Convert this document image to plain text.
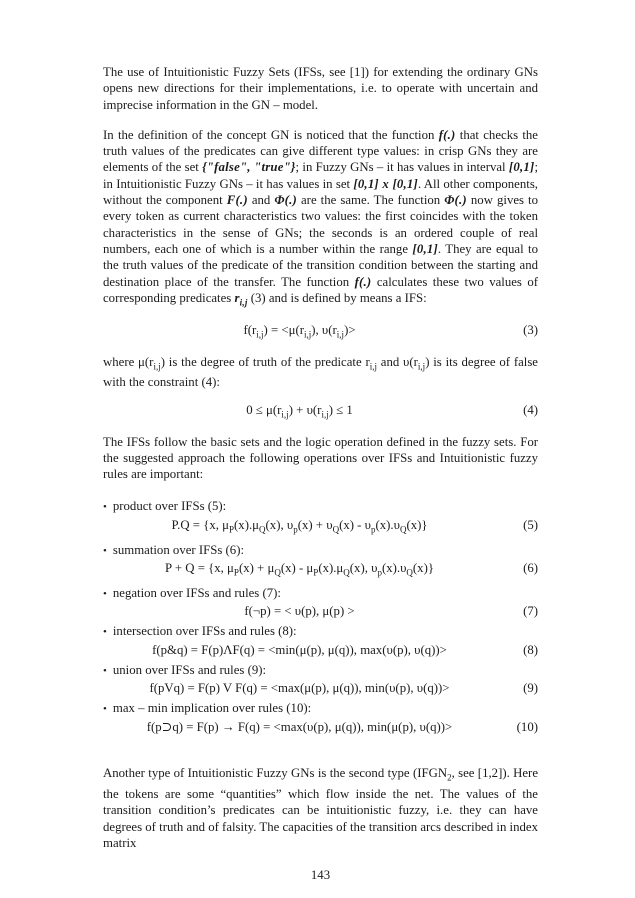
The use of Intuitionistic Fuzzy Sets (IFSs, see [1]) for extending the ordinary GNs opens new directions for their implementations, i.e. to operate with uncertain and imprecise information in the GN – model.

In the definition of the concept GN is noticed that the function f(.) that checks the truth values of the predicates can give different type values: in crisp GNs they are elements of the set {"false", "true"}; in Fuzzy GNs – it has values in interval [0,1]; in Intuitionistic Fuzzy GNs – it has values in set [0,1] x [0,1]. All other components, without the component F(.) and Φ(.) are the same. The function Φ(.) now gives to every token as current characteristics two values: the first coincides with the token characteristics in the sense of GNs; the seconds is an ordered couple of real numbers, each one of which is a number within the range [0,1]. They are equal to the truth values of the predicate of the transition condition between the starting and destination place of the transfer. The function f(.) calculates these two values of corresponding predicates $r_{i,j}$ (3) and is defined by means a IFS:

$f(r_{i,j}) = <\mu(r_{i,j})$, $\upsilon(r_{i,j})>$	(3)

where $\mu(r_{i,j})$ is the degree of truth of the predicate $r_{i,j}$ and $\upsilon(r_{i,j})$ is its degree of false with the constraint (4):

$0 \le \mu(r_{i,j}) + \upsilon(r_{i,j}) \le 1$	(4)

The IFSs follow the basic sets and the logic operation defined in the fuzzy sets. For the suggested approach the following operations over IFSs and Intuitionistic fuzzy rules are important:

• product over IFSs (5):
P.Q = {x, $\mu_P(x).\mu_Q(x)$, $\upsilon_p(x) + \upsilon_Q(x) - \upsilon_p(x).\upsilon_Q(x)$}	(5)
• summation over IFSs (6):
P + Q = {x, $\mu_P(x) + \mu_Q(x) - \mu_P(x).\mu_Q(x)$, $\upsilon_p(x).\upsilon_Q(x)$}	(6)
• negation over IFSs and rules (7):
f(¬p) = < υ(p), μ(p) >	(7)
• intersection over IFSs and rules (8):
f(p&q) = F(p)ΛF(q) = <min(μ(p), μ(q)), max(υ(p), υ(q))>	(8)
• union over IFSs and rules (9):
f(pVq) = F(p) V F(q) = <max(μ(p), μ(q)), min(υ(p), υ(q))>	(9)
• max – min implication over rules (10):
f(p⊃q) = F(p) → F(q) = <max(υ(p), μ(q)), min(μ(p), υ(q))>	(10)

Another type of Intuitionistic Fuzzy GNs is the second type ($IFGN_2$, see [1,2]). Here the tokens are some “quantities” which flow inside the net. The values of the transition condition’s predicates can be intuitionistic fuzzy, i.e. they can have degrees of truth and of falsity. The capacities of the transition arcs described in index matrix

143
